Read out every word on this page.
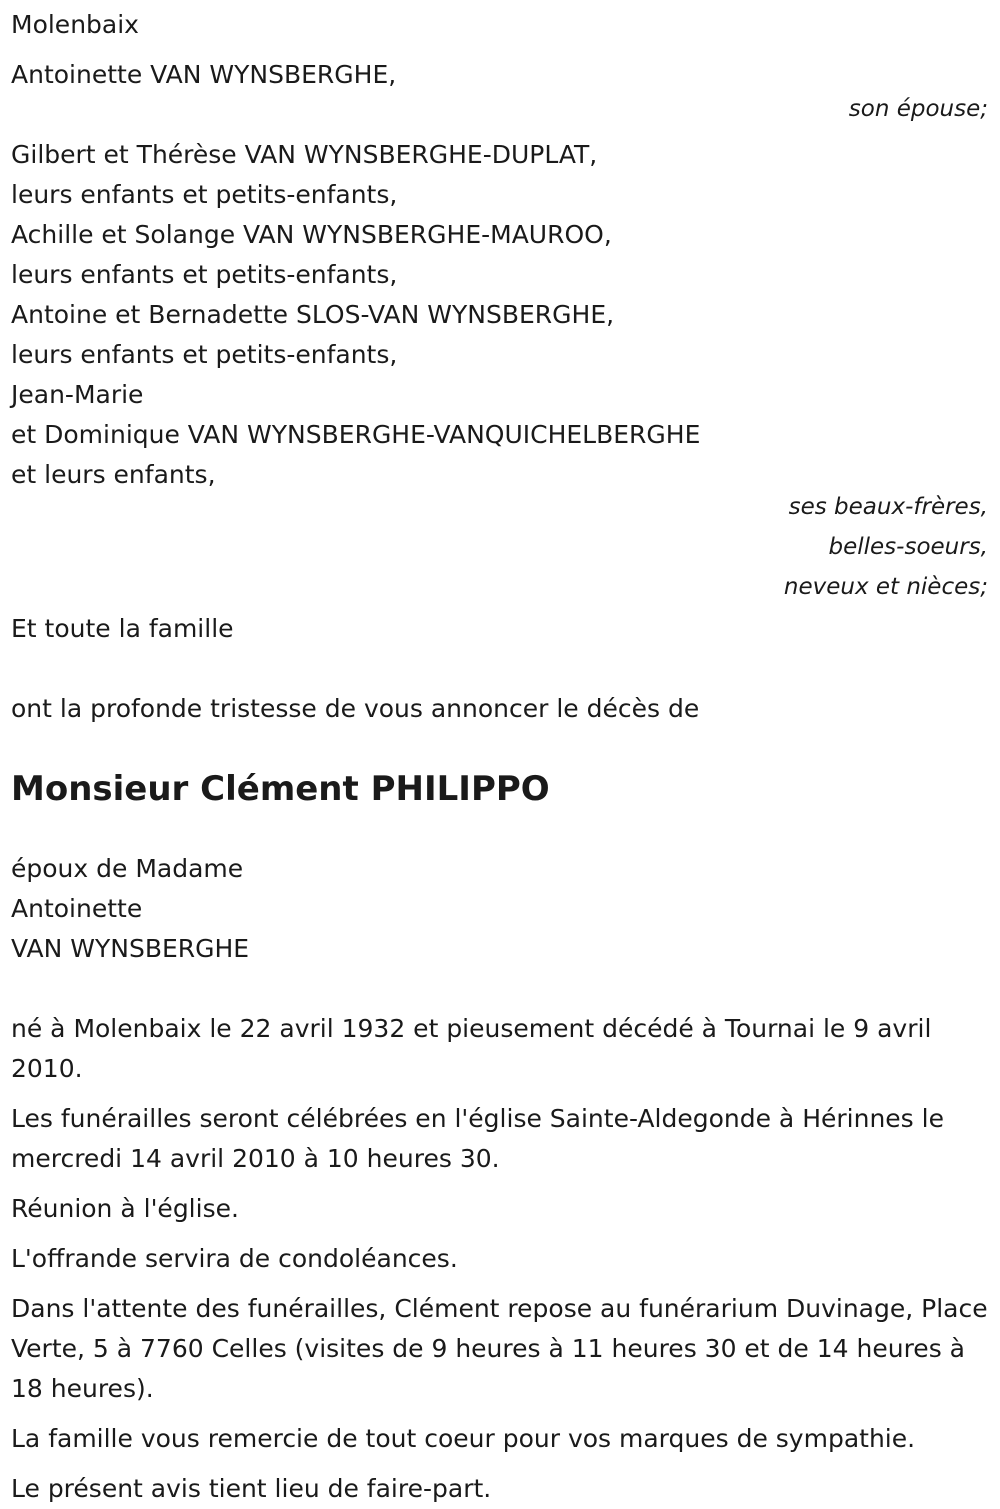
Molenbaix
Antoinette VAN WYNSBERGHE,
son épouse;
Gilbert et Thérèse VAN WYNSBERGHE-DUPLAT,
leurs enfants et petits-enfants,
Achille et Solange VAN WYNSBERGHE-MAUROO,
leurs enfants et petits-enfants,
Antoine et Bernadette SLOS-VAN WYNSBERGHE,
leurs enfants et petits-enfants,
Jean-Marie
et Dominique VAN WYNSBERGHE-VANQUICHELBERGHE
et leurs enfants,
ses beaux-frères,
belles-soeurs,
neveux et nièces;
Et toute la famille
ont la profonde tristesse de vous annoncer le décès de
Monsieur Clément PHILIPPO
époux de Madame
Antoinette
VAN WYNSBERGHE
né à Molenbaix le 22 avril 1932 et pieusement décédé à Tournai le 9 avril 2010.
Les funérailles seront célébrées en l'église Sainte-Aldegonde à Hérinnes le mercredi 14 avril 2010 à 10 heures 30.
Réunion à l'église.
L'offrande servira de condoléances.
Dans l'attente des funérailles, Clément repose au funérarium Duvinage, Place Verte, 5 à 7760 Celles (visites de 9 heures à 11 heures 30 et de 14 heures à 18 heures).
La famille vous remercie de tout coeur pour vos marques de sympathie.
Le présent avis tient lieu de faire-part.
